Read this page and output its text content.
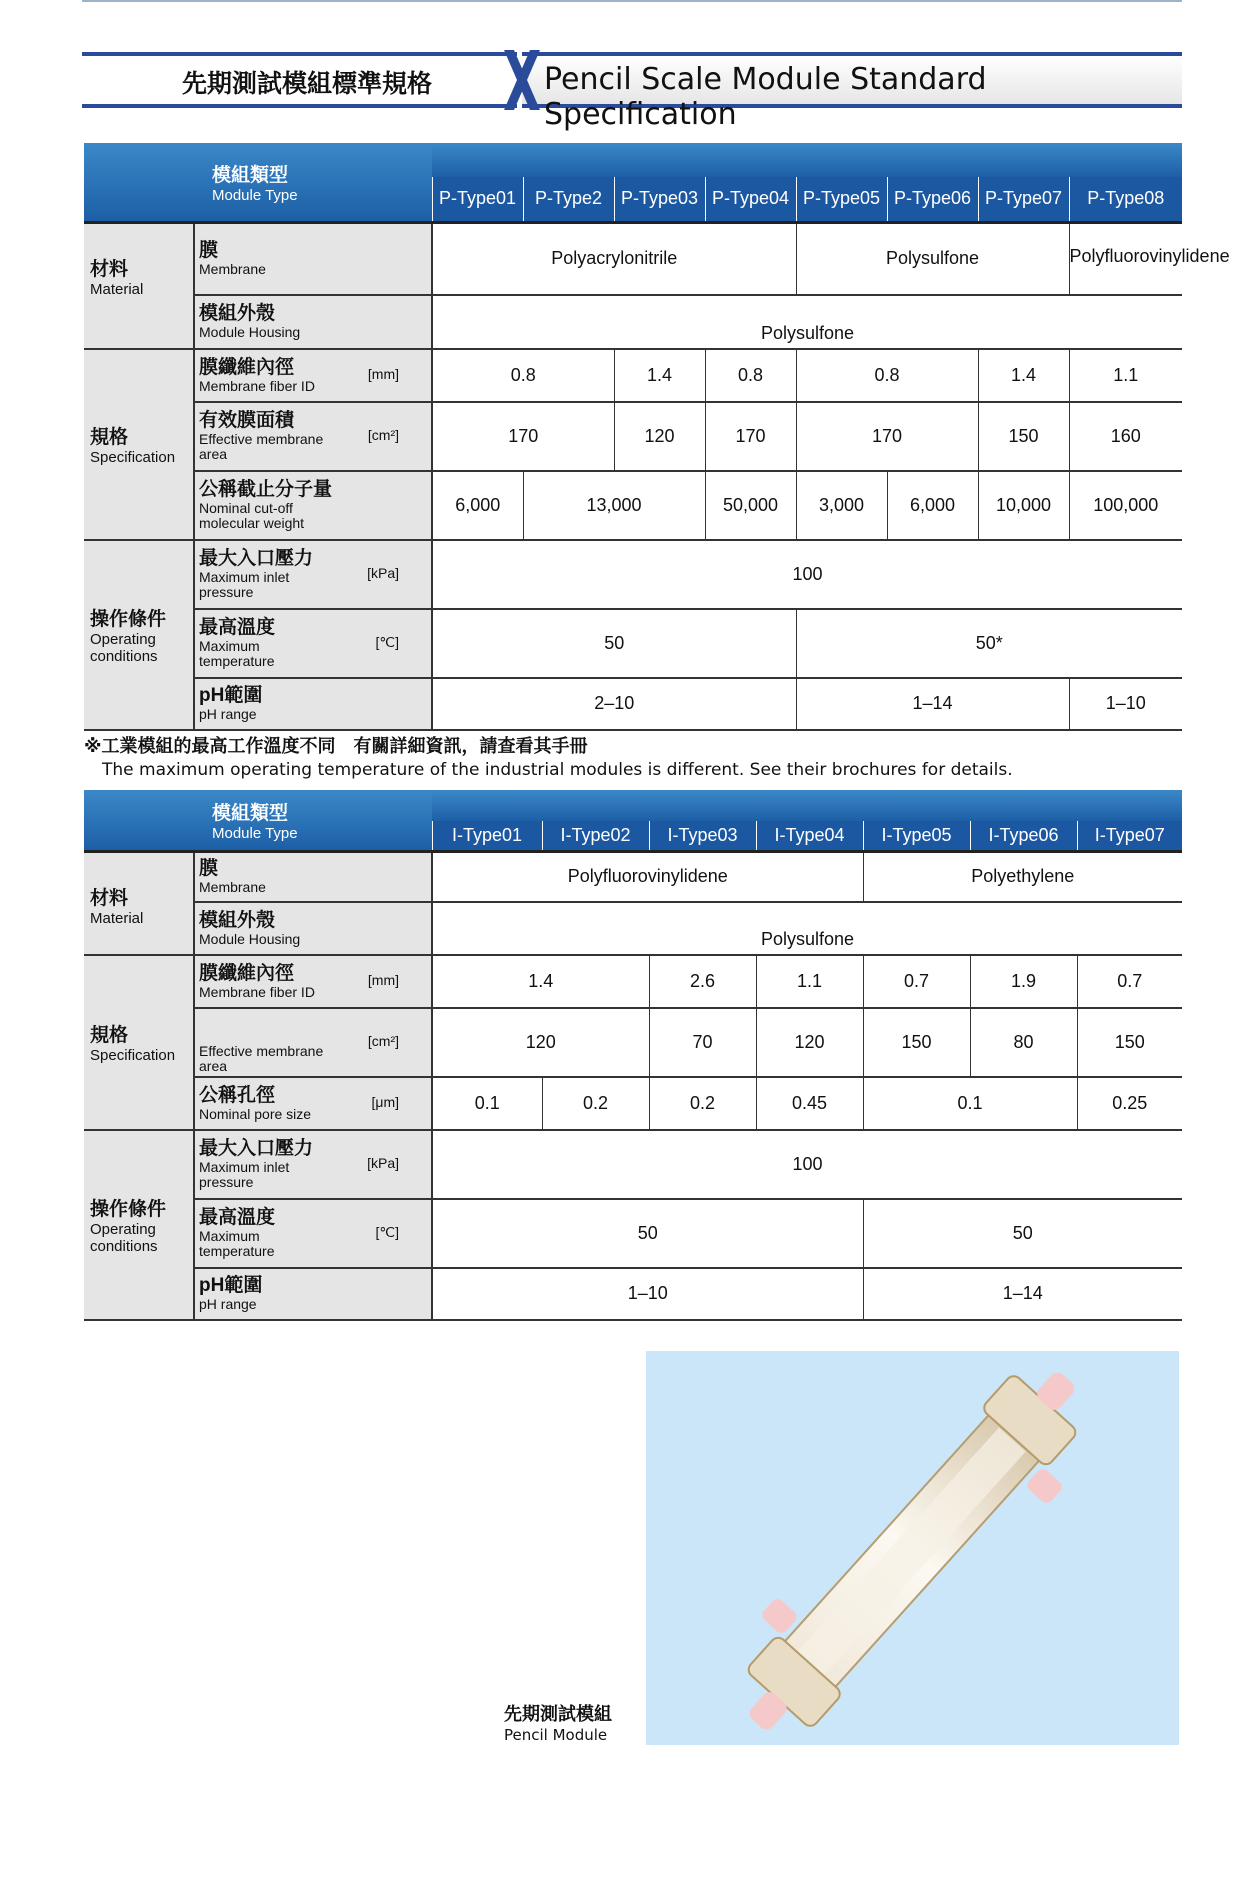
先期測試模組標準規格	Pencil Scale Module Standard Specification
模組類型
Module Type									

		P-Type01	P-Type2	P-Type03	P-Type04	P-Type05	P-Type06	P-Type07	P-Type08

材料
Material	膜
Membrane	Polyacrylonitrile				Polysulfone			Polyfluorovinylidene

	模組外殼
Module Housing	Polysulfone							

規格
Specification	膜纖維內徑
Membrane fiber ID
[mm]	0.8		1.4	0.8	0.8		1.4	1.1

	有效膜面積
Effective membrane area
[cm²]	170		120	170	170		150	160

	公稱截止分子量
Nominal cut-off molecular weight	6,000	13,000		50,000	3,000	6,000	10,000	100,000

操作條件
Operating conditions	最大入口壓力
Maximum inlet pressure
[kPa]	100							

	最高溫度
Maximum temperature
[℃]	50				50*			

	pH範圍
pH range	2–10				1–14			1–10
※工業模組的最高工作溫度不同　有關詳細資訊，請查看其手冊
The maximum operating temperature of the industrial modules is different. See their brochures for details.
模組類型
Module Type								

		I-Type01	I-Type02	I-Type03	I-Type04	I-Type05	I-Type06	I-Type07

材料
Material	膜
Membrane	Polyfluorovinylidene				Polyethylene		

	模組外殼
Module Housing	Polysulfone						

規格
Specification	膜纖維內徑
Membrane fiber ID
[mm]	1.4		2.6	1.1	0.7	1.9	0.7

	Effective membrane area
[cm²]	120		70	120	150	80	150

	公稱孔徑
Nominal pore size
[μm]	0.1	0.2	0.2	0.45	0.1		0.25

操作條件
Operating conditions	最大入口壓力
Maximum inlet pressure
[kPa]	100						

	最高溫度
Maximum temperature
[℃]	50				50		

	pH範圍
pH range	1–10				1–14		
先期測試模組
Pencil Module
